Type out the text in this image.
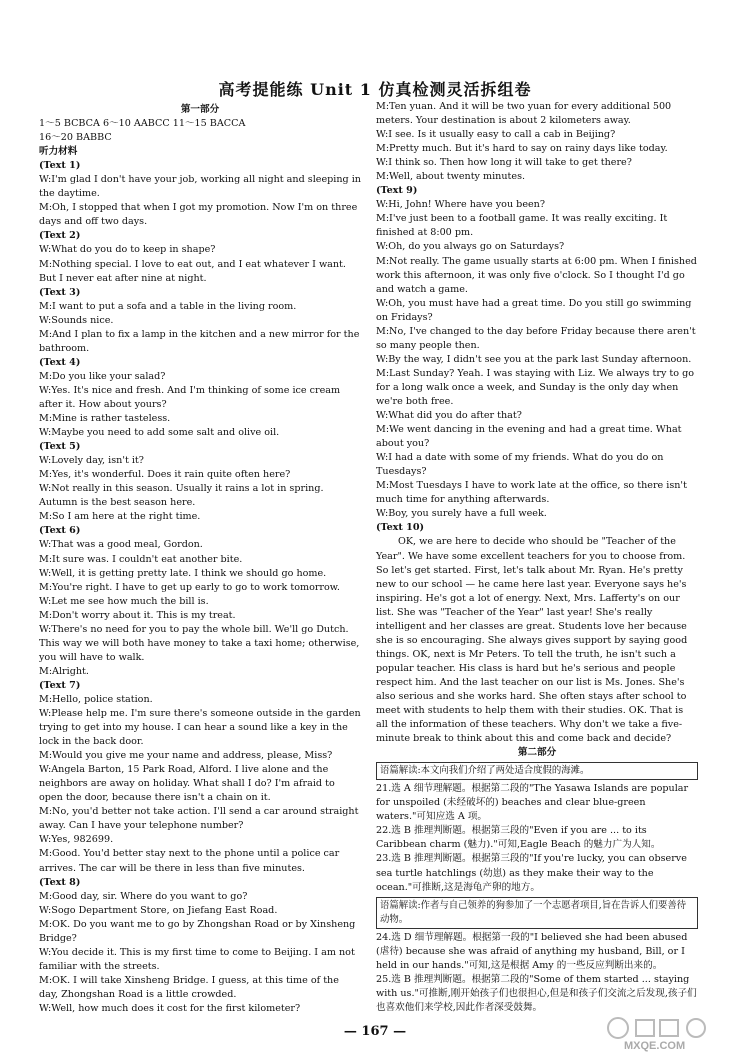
高考提能练 Unit 1 仿真检测灵活拆组卷
第一部分
1～5 BCBCA 6～10 AABCC 11～15 BACCA
16～20 BABBC
听力材料
(Text 1)
W:I'm glad I don't have your job, working all night and sleeping in the daytime.
M:Oh, I stopped that when I got my promotion. Now I'm on three days and off two days.
(Text 2)
W:What do you do to keep in shape?
M:Nothing special. I love to eat out, and I eat whatever I want. But I never eat after nine at night.
(Text 3)
M:I want to put a sofa and a table in the living room.
W:Sounds nice.
M:And I plan to fix a lamp in the kitchen and a new mirror for the bathroom.
(Text 4)
M:Do you like your salad?
W:Yes. It's nice and fresh. And I'm thinking of some ice cream after it. How about yours?
M:Mine is rather tasteless.
W:Maybe you need to add some salt and olive oil.
(Text 5)
W:Lovely day, isn't it?
M:Yes, it's wonderful. Does it rain quite often here?
W:Not really in this season. Usually it rains a lot in spring. Autumn is the best season here.
M:So I am here at the right time.
(Text 6)
W:That was a good meal, Gordon.
M:It sure was. I couldn't eat another bite.
W:Well, it is getting pretty late. I think we should go home.
M:You're right. I have to get up early to go to work tomorrow.
W:Let me see how much the bill is.
M:Don't worry about it. This is my treat.
W:There's no need for you to pay the whole bill. We'll go Dutch. This way we will both have money to take a taxi home; otherwise, you will have to walk.
M:Alright.
(Text 7)
M:Hello, police station.
W:Please help me. I'm sure there's someone outside in the garden trying to get into my house. I can hear a sound like a key in the lock in the back door.
M:Would you give me your name and address, please, Miss?
W:Angela Barton, 15 Park Road, Alford. I live alone and the neighbors are away on holiday. What shall I do? I'm afraid to open the door, because there isn't a chain on it.
M:No, you'd better not take action. I'll send a car around straight away. Can I have your telephone number?
W:Yes, 982699.
M:Good. You'd better stay next to the phone until a police car arrives. The car will be there in less than five minutes.
(Text 8)
M:Good day, sir. Where do you want to go?
W:Sogo Department Store, on Jiefang East Road.
M:OK. Do you want me to go by Zhongshan Road or by Xinsheng Bridge?
W:You decide it. This is my first time to come to Beijing. I am not familiar with the streets.
M:OK. I will take Xinsheng Bridge. I guess, at this time of the day, Zhongshan Road is a little crowded.
W:Well, how much does it cost for the first kilometer?
M:Ten yuan. And it will be two yuan for every additional 500 meters. Your destination is about 2 kilometers away.
W:I see. Is it usually easy to call a cab in Beijing?
M:Pretty much. But it's hard to say on rainy days like today.
W:I think so. Then how long it will take to get there?
M:Well, about twenty minutes.
(Text 9)
W:Hi, John! Where have you been?
M:I've just been to a football game. It was really exciting. It finished at 8:00 pm.
W:Oh, do you always go on Saturdays?
M:Not really. The game usually starts at 6:00 pm. When I finished work this afternoon, it was only five o'clock. So I thought I'd go and watch a game.
W:Oh, you must have had a great time. Do you still go swimming on Fridays?
M:No, I've changed to the day before Friday because there aren't so many people then.
W:By the way, I didn't see you at the park last Sunday afternoon.
M:Last Sunday? Yeah. I was staying with Liz. We always try to go for a long walk once a week, and Sunday is the only day when we're both free.
W:What did you do after that?
M:We went dancing in the evening and had a great time. What about you?
W:I had a date with some of my friends. What do you do on Tuesdays?
M:Most Tuesdays I have to work late at the office, so there isn't much time for anything afterwards.
W:Boy, you surely have a full week.
(Text 10)
OK, we are here to decide who should be "Teacher of the Year". We have some excellent teachers for you to choose from. So let's get started. First, let's talk about Mr. Ryan. He's pretty new to our school — he came here last year. Everyone says he's inspiring. He's got a lot of energy. Next, Mrs. Lafferty's on our list. She was "Teacher of the Year" last year! She's really intelligent and her classes are great. Students love her because she is so encouraging. She always gives support by saying good things. OK, next is Mr Peters. To tell the truth, he isn't such a popular teacher. His class is hard but he's serious and people respect him. And the last teacher on our list is Ms. Jones. She's also serious and she works hard. She often stays after school to meet with students to help them with their studies. OK. That is all the information of these teachers. Why don't we take a five-minute break to think about this and come back and decide?
第二部分
语篇解读:本文向我们介绍了两处适合度假的海滩。
21.选 A 细节理解题。根据第二段的"The Yasawa Islands are popular for unspoiled (未经破坏的) beaches and clear blue-green waters."可知应选 A 项。
22.选 B 推理判断题。根据第三段的"Even if you are ... to its Caribbean charm (魅力)."可知,Eagle Beach 的魅力广为人知。
23.选 B 推理判断题。根据第三段的"If you're lucky, you can observe sea turtle hatchlings (幼崽) as they make their way to the ocean."可推断,这是海龟产卵的地方。
语篇解读:作者与自己领养的狗参加了一个志愿者项目,旨在告诉人们要善待动物。
24.选 D 细节理解题。根据第一段的"I believed she had been abused (虐待) because she was afraid of anything my husband, Bill, or I held in our hands."可知,这是根据 Amy 的一些反应判断出来的。
25.选 B 推理判断题。根据第二段的"Some of them started ... staying with us."可推断,刚开始孩子们也很担心,但是和孩子们交流之后发现,孩子们也喜欢他们来学校,因此作者深受鼓舞。
— 167 —
MXQE.COM
